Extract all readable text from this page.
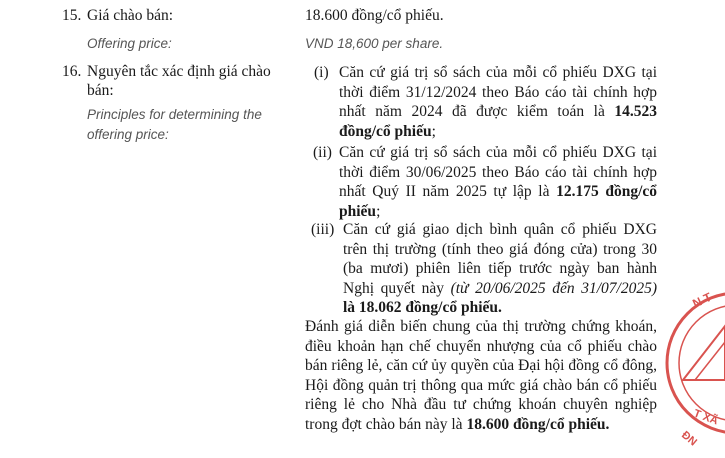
15. Giá chào bán:
Offering price:
18.600 đồng/cổ phiếu.
VND 18,600 per share.
16. Nguyên tắc xác định giá chào
bán:
Principles for determining the
offering price:
(i) Căn cứ giá trị sổ sách của mỗi cổ phiếu DXG tại
thời điểm 31/12/2024 theo Báo cáo tài chính hợp
nhất năm 2024 đã được kiểm toán là 14.523
đồng/cổ phiếu;
(ii) Căn cứ giá trị sổ sách của mỗi cổ phiếu DXG tại
thời điểm 30/06/2025 theo Báo cáo tài chính hợp
nhất Quý II năm 2025 tự lập là 12.175 đồng/cổ
phiếu;
(iii) Căn cứ giá giao dịch bình quân cổ phiếu DXG
trên thị trường (tính theo giá đóng cửa) trong 30
(ba mươi) phiên liên tiếp trước ngày ban hành
Nghị quyết này (từ 20/06/2025 đến 31/07/2025)
là 18.062 đồng/cổ phiếu.
Đánh giá diễn biến chung của thị trường chứng khoán, điều khoản hạn chế chuyển nhượng của cổ phiếu chào bán riêng lẻ, căn cứ ủy quyền của Đại hội đồng cổ đông, Hội đồng quản trị thông qua mức giá chào bán cổ phiếu riêng lẻ cho Nhà đầu tư chứng khoán chuyên nghiệp trong đợt chào bán này là 18.600 đồng/cổ phiếu.
N T
T XÃ
ĐN
